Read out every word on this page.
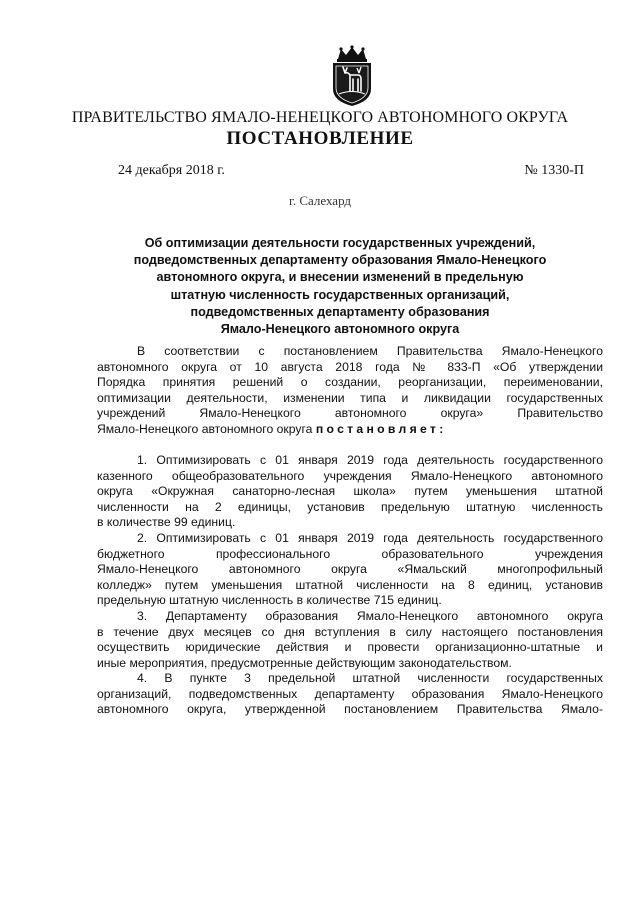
ПРАВИТЕЛЬСТВО ЯМАЛО-НЕНЕЦКОГО АВТОНОМНОГО ОКРУГА
ПОСТАНОВЛЕНИЕ
24 декабря 2018 г.	№ 1330-П
г. Салехард
Об оптимизации деятельности государственных учреждений,
подведомственных департаменту образования Ямало-Ненецкого
автономного округа, и внесении изменений в предельную
штатную численность государственных организаций,
подведомственных департаменту образования
Ямало-Ненецкого автономного округа
В соответствии с постановлением Правительства Ямало-Ненецкого
автономного округа от 10 августа 2018 года № 833-П «Об утверждении
Порядка принятия решений о создании, реорганизации, переименовании,
оптимизации деятельности, изменении типа и ликвидации государственных
учреждений Ямало-Ненецкого автономного округа» Правительство
Ямало-Ненецкого автономного округа постановляет:
1. Оптимизировать с 01 января 2019 года деятельность государственного
казенного общеобразовательного учреждения Ямало-Ненецкого автономного
округа «Окружная санаторно-лесная школа» путем уменьшения штатной
численности на 2 единицы, установив предельную штатную численность
в количестве 99 единиц.
2. Оптимизировать с 01 января 2019 года деятельность государственного
бюджетного профессионального образовательного учреждения
Ямало-Ненецкого автономного округа «Ямальский многопрофильный
колледж» путем уменьшения штатной численности на 8 единиц, установив
предельную штатную численность в количестве 715 единиц.
3. Департаменту образования Ямало-Ненецкого автономного округа
в течение двух месяцев со дня вступления в силу настоящего постановления
осуществить юридические действия и провести организационно-штатные и
иные мероприятия, предусмотренные действующим законодательством.
4. В пункте 3 предельной штатной численности государственных
организаций, подведомственных департаменту образования Ямало-Ненецкого
автономного округа, утвержденной постановлением Правительства Ямало-
